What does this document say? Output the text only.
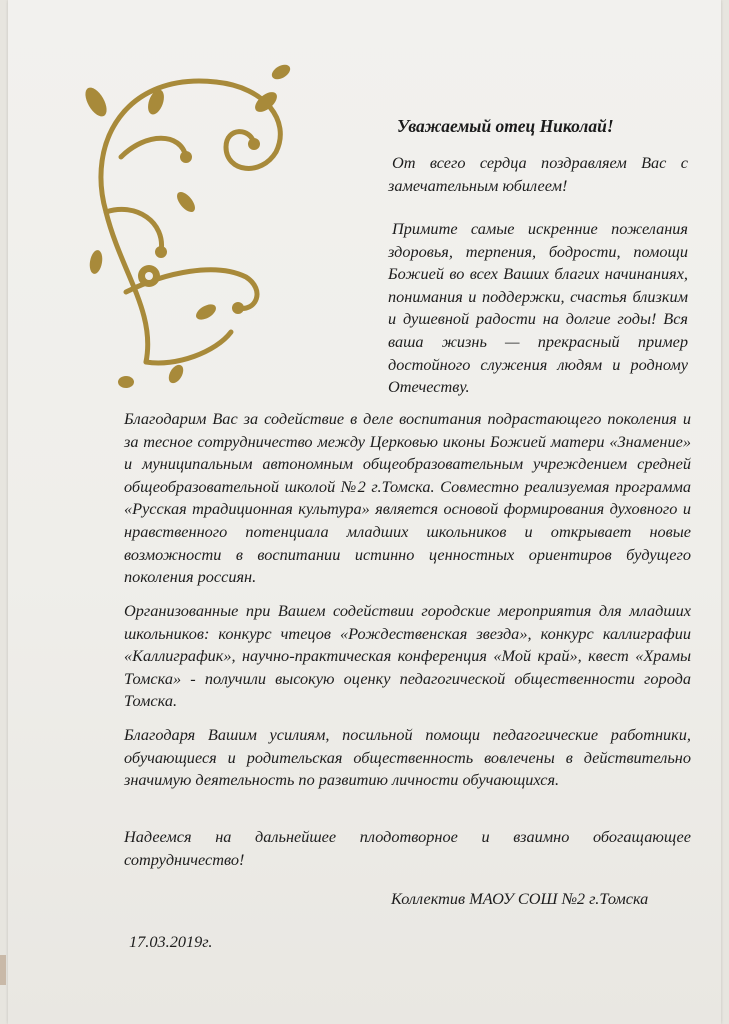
Уважаемый отец Николай!
От всего сердца поздравляем Вас с замечательным юбилеем!
Примите самые искренние пожелания здоровья, терпения, бодрости, помощи Божией во всех Ваших благих начинаниях, понимания и поддержки, счастья близким и душевной радости на долгие годы! Вся ваша жизнь — прекрасный пример достойного служения людям и родному Отечеству.
Благодарим Вас за содействие в деле воспитания подрастающего поколения и за тесное сотрудничество между Церковью иконы Божией матери «Знамение» и муниципальным автономным общеобразовательным учреждением средней общеобразовательной школой №2 г.Томска. Совместно реализуемая программа «Русская традиционная культура» является основой формирования духовного и нравственного потенциала младших школьников и открывает новые возможности в воспитании истинно ценностных ориентиров будущего поколения россиян.
Организованные при Вашем содействии городские мероприятия для младших школьников: конкурс чтецов «Рождественская звезда», конкурс каллиграфии «Каллиграфик», научно-практическая конференция «Мой край», квест «Храмы Томска» - получили высокую оценку педагогической общественности города Томска.
Благодаря Вашим усилиям, посильной помощи педагогические работники, обучающиеся и родительская общественность вовлечены в действительно значимую деятельность по развитию личности обучающихся.
Надеемся на дальнейшее плодотворное и взаимно обогащающее сотрудничество!
Коллектив МАОУ СОШ №2 г.Томска
17.03.2019г.
